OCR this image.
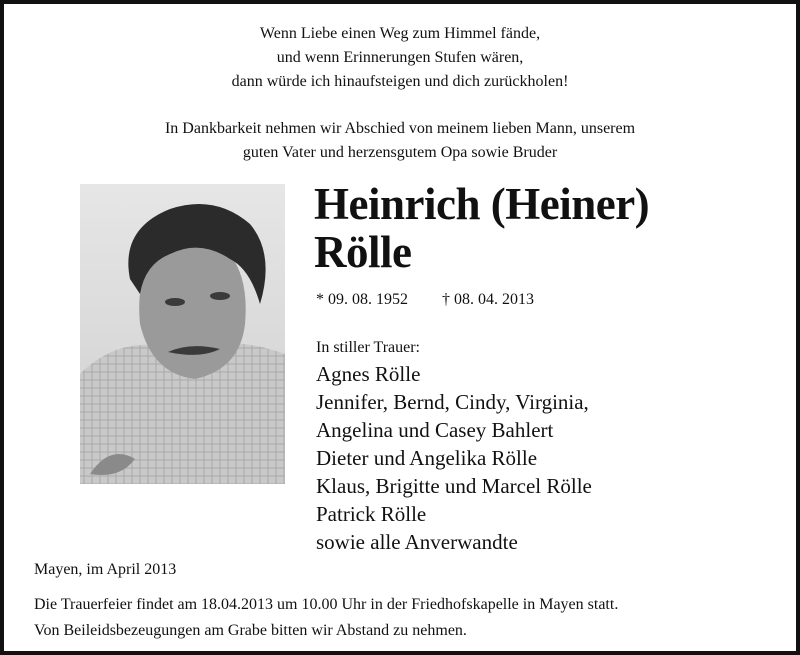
Wenn Liebe einen Weg zum Himmel fände,
und wenn Erinnerungen Stufen wären,
dann würde ich hinaufsteigen und dich zurückholen!
In Dankbarkeit nehmen wir Abschied von meinem lieben Mann, unserem
guten Vater und herzensgutem Opa sowie Bruder
Heinrich (Heiner)
Rölle
* 09. 08. 1952 † 08. 04. 2013
In stiller Trauer:
Agnes Rölle
Jennifer, Bernd, Cindy, Virginia,
Angelina und Casey Bahlert
Dieter und Angelika Rölle
Klaus, Brigitte und Marcel Rölle
Patrick Rölle
sowie alle Anverwandte
Mayen, im April 2013
Die Trauerfeier findet am 18.04.2013 um 10.00 Uhr in der Friedhofskapelle in Mayen statt.
Von Beileidsbezeugungen am Grabe bitten wir Abstand zu nehmen.
